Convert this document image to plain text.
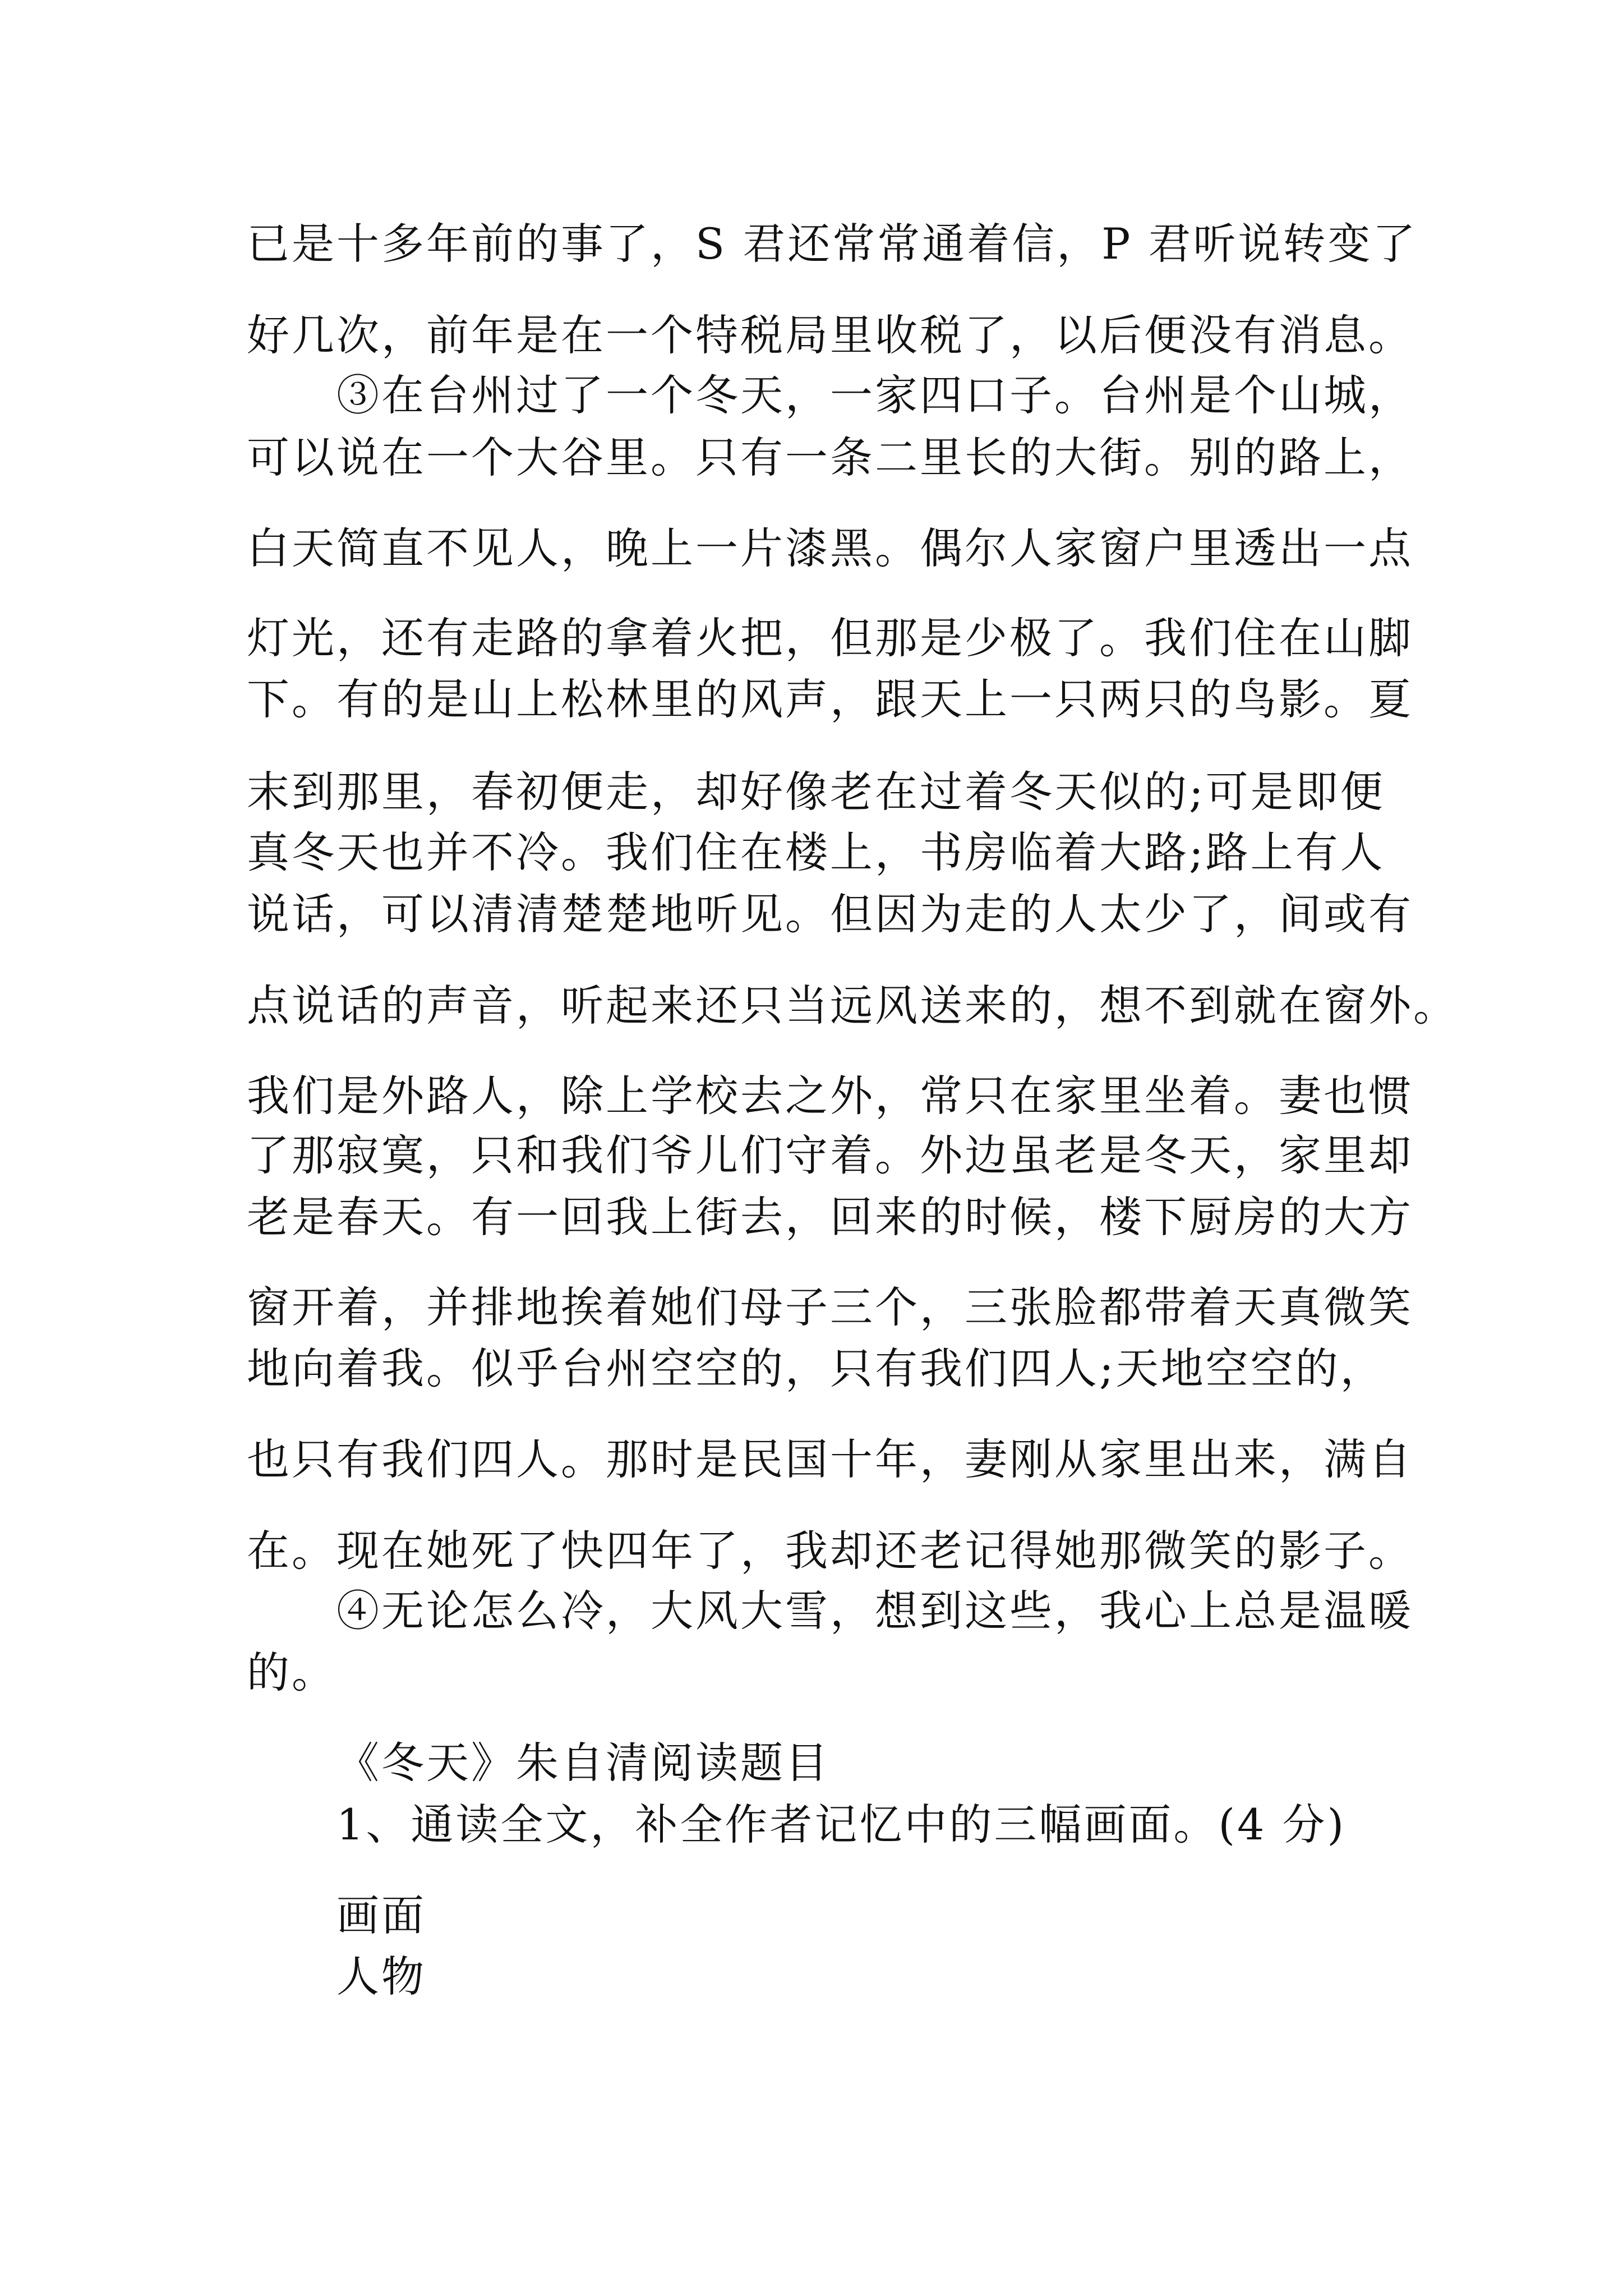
已是十多年前的事了，S 君还常常通着信，P 君听说转变了
好几次，前年是在一个特税局里收税了，以后便没有消息。
③在台州过了一个冬天，一家四口子。台州是个山城，
可以说在一个大谷里。只有一条二里长的大街。别的路上，
白天简直不见人，晚上一片漆黑。偶尔人家窗户里透出一点
灯光，还有走路的拿着火把，但那是少极了。我们住在山脚
下。有的是山上松林里的风声，跟天上一只两只的鸟影。夏
末到那里，春初便走，却好像老在过着冬天似的;可是即便
真冬天也并不冷。我们住在楼上，书房临着大路;路上有人
说话，可以清清楚楚地听见。但因为走的人太少了，间或有
点说话的声音，听起来还只当远风送来的，想不到就在窗外。
我们是外路人，除上学校去之外，常只在家里坐着。妻也惯
了那寂寞，只和我们爷儿们守着。外边虽老是冬天，家里却
老是春天。有一回我上街去，回来的时候，楼下厨房的大方
窗开着，并排地挨着她们母子三个，三张脸都带着天真微笑
地向着我。似乎台州空空的，只有我们四人;天地空空的，
也只有我们四人。那时是民国十年，妻刚从家里出来，满自
在。现在她死了快四年了，我却还老记得她那微笑的影子。
④无论怎么冷，大风大雪，想到这些，我心上总是温暖
的。
《冬天》朱自清阅读题目
1、通读全文，补全作者记忆中的三幅画面。(4 分)
画面
人物
